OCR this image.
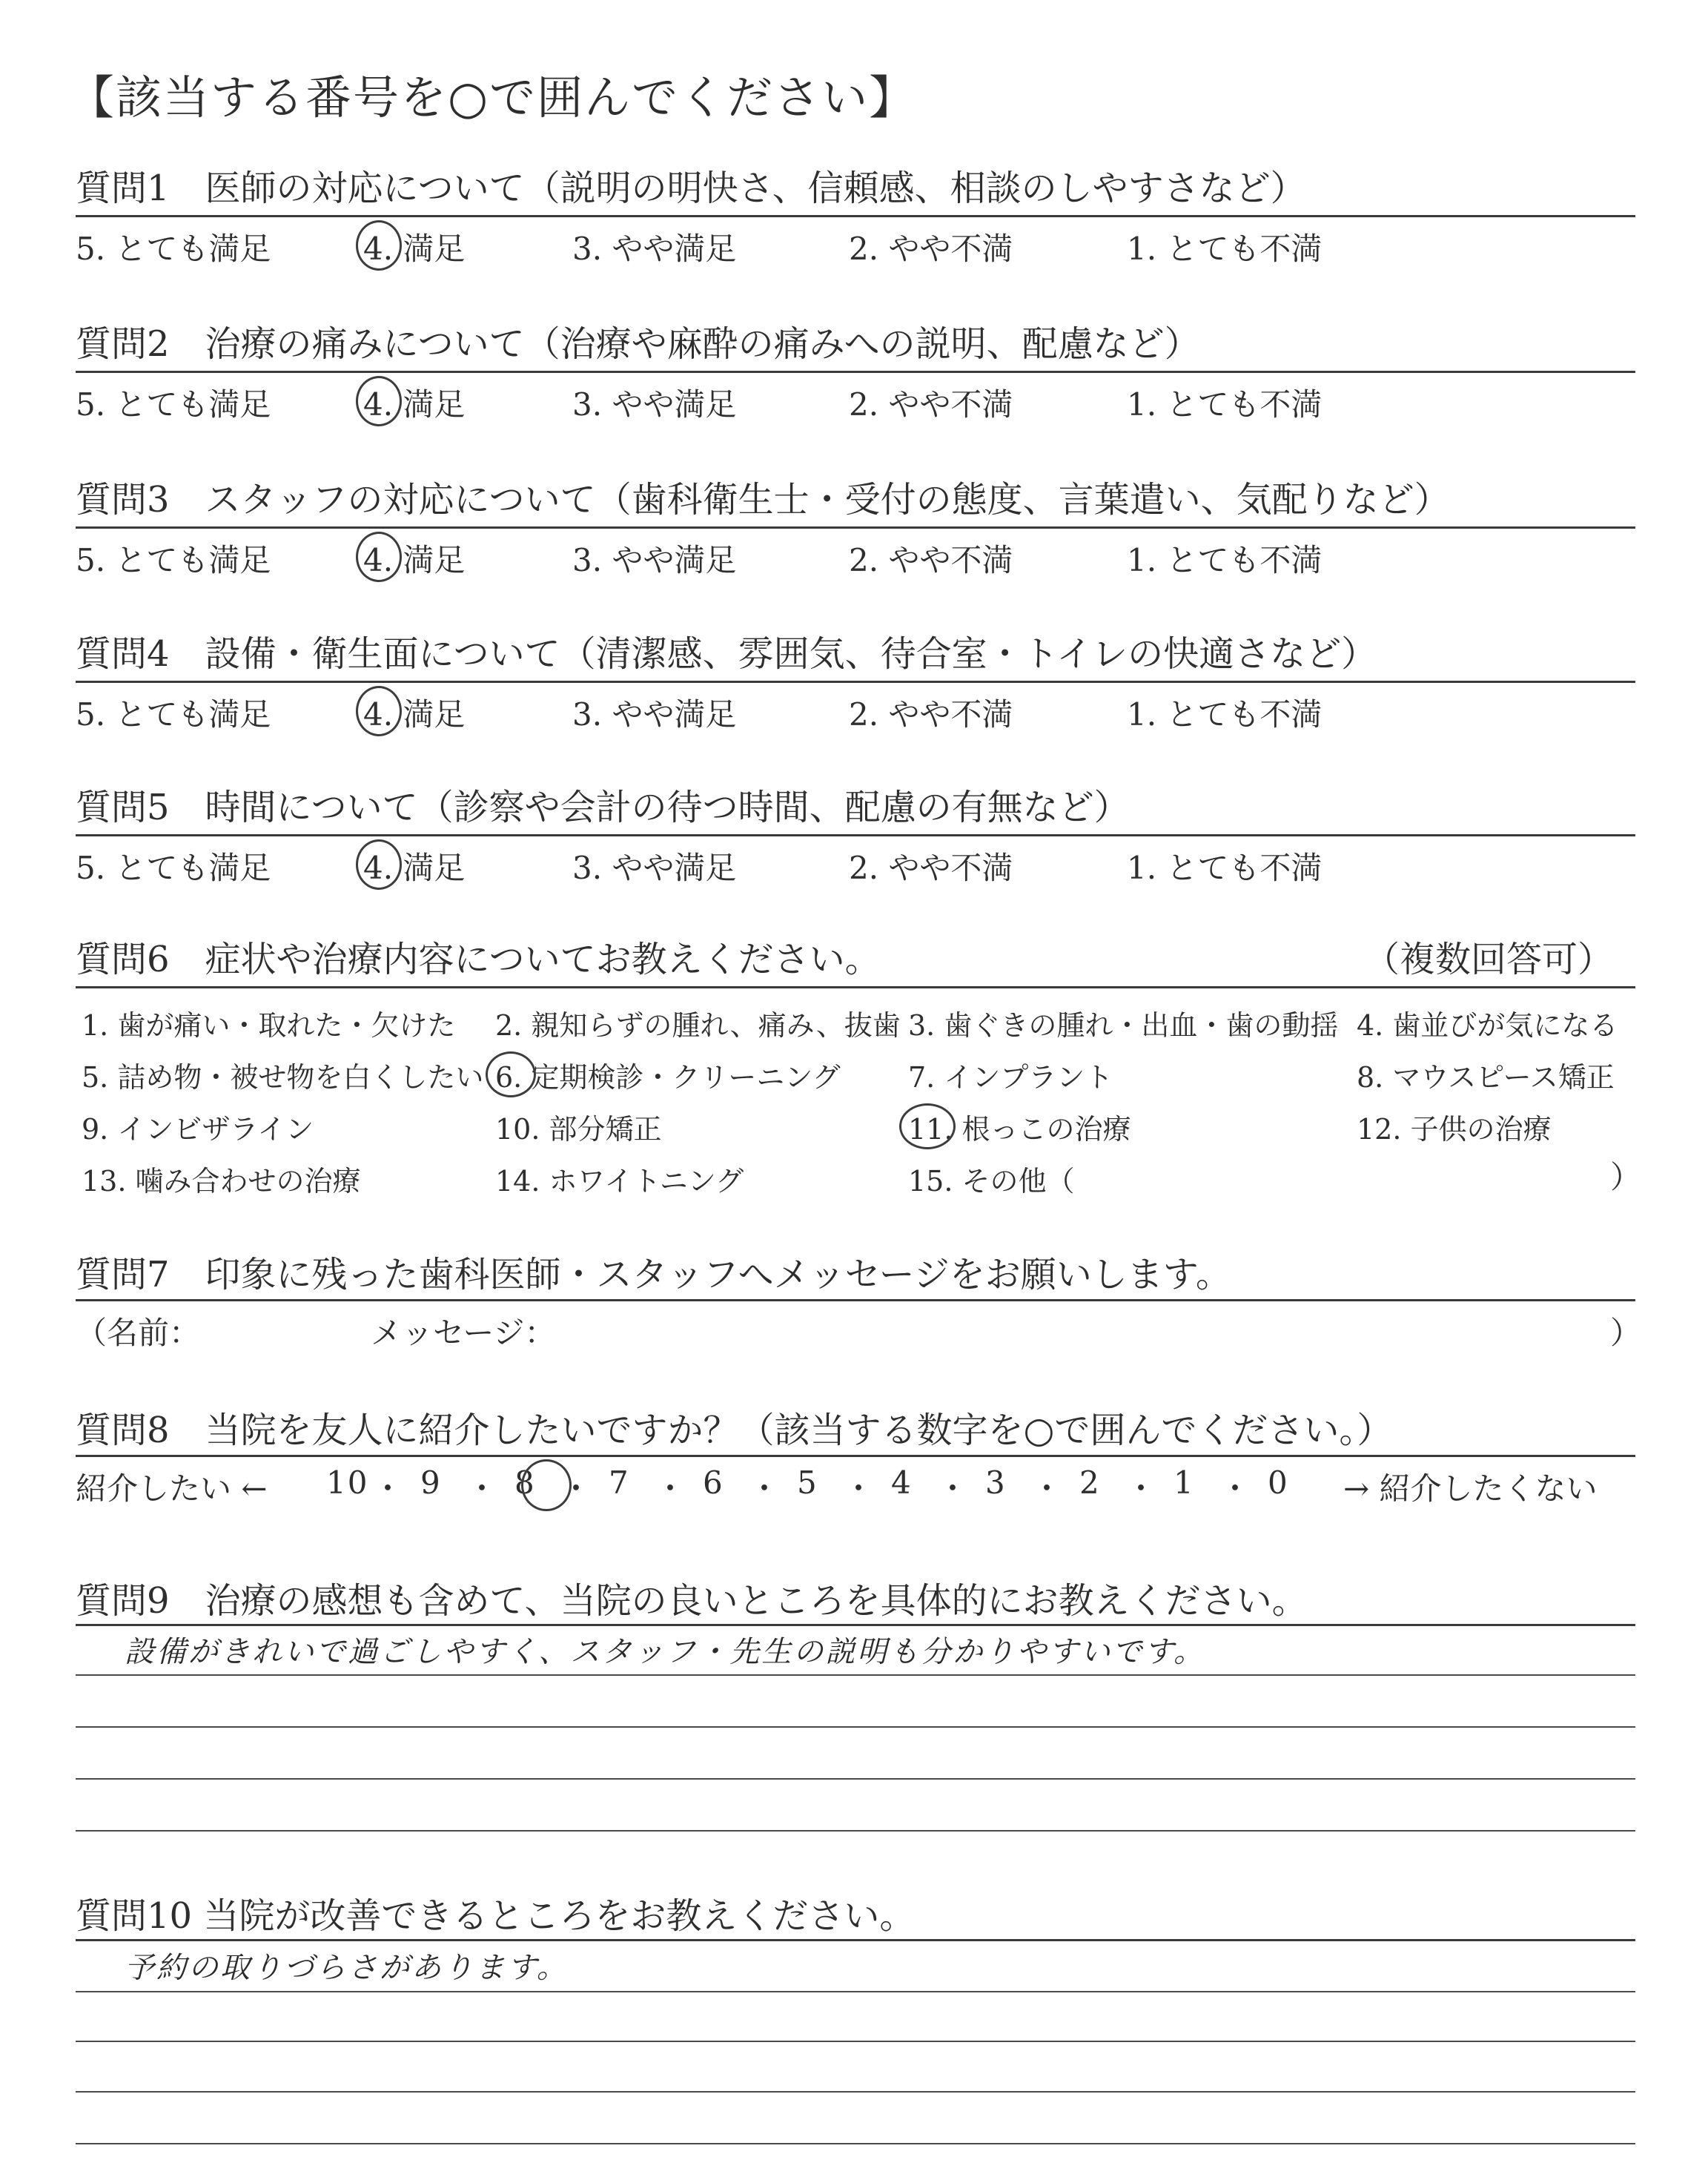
【該当する番号を○で囲んでください】
質問1　医師の対応について（説明の明快さ、信頼感、相談のしやすさなど）
5. とても満足	4. 満足	3. やや満足	2. やや不満	1. とても不満
質問2　治療の痛みについて（治療や麻酔の痛みへの説明、配慮など）
5. とても満足	4. 満足	3. やや満足	2. やや不満	1. とても不満
質問3　スタッフの対応について（歯科衛生士・受付の態度、言葉遣い、気配りなど）
5. とても満足	4. 満足	3. やや満足	2. やや不満	1. とても不満
質問4　設備・衛生面について（清潔感、雰囲気、待合室・トイレの快適さなど）
5. とても満足	4. 満足	3. やや満足	2. やや不満	1. とても不満
質問5　時間について（診察や会計の待つ時間、配慮の有無など）
5. とても満足	4. 満足	3. やや満足	2. やや不満	1. とても不満
質問6　症状や治療内容についてお教えください。	（複数回答可）
1. 歯が痛い・取れた・欠けた 2. 親知らずの腫れ、痛み、抜歯 3. 歯ぐきの腫れ・出血・歯の動揺 4. 歯並びが気になる
5. 詰め物・被せ物を白くしたい 6. 定期検診・クリーニング 7. インプラント	8. マウスピース矯正
9. インビザライン	10. 部分矯正	11. 根っこの治療	12. 子供の治療
13. 噛み合わせの治療	14. ホワイトニング	15. その他（	）
質問7　印象に残った歯科医師・スタッフへメッセージをお願いします。
（名前：	メッセージ：	）
質問8　当院を友人に紹介したいですか？（該当する数字を○で囲んでください。）
紹介したい ← 10 ・ 9 ・ 8 ・ 7 ・ 6 ・ 5 ・ 4 ・ 3 ・ 2 ・ 1 ・ 0 → 紹介したくない
質問9　治療の感想も含めて、当院の良いところを具体的にお教えください。
設備がきれいで過ごしやすく、スタッフ・先生の説明も分かりやすいです。
質問10 当院が改善できるところをお教えください。
予約の取りづらさがあります。
